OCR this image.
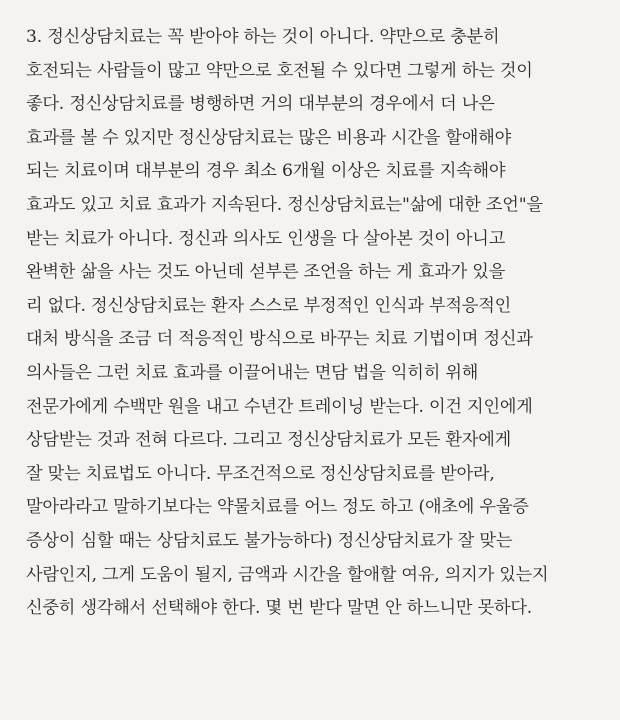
3. 정신상담치료는 꼭 받아야 하는 것이 아니다. 약만으로 충분히
호전되는 사람들이 많고 약만으로 호전될 수 있다면 그렇게 하는 것이
좋다. 정신상담치료를 병행하면 거의 대부분의 경우에서 더 나은
효과를 볼 수 있지만 정신상담치료는 많은 비용과 시간을 할애해야
되는 치료이며 대부분의 경우 최소 6개월 이상은 치료를 지속해야
효과도 있고 치료 효과가 지속된다. 정신상담치료는"삶에 대한 조언"을
받는 치료가 아니다. 정신과 의사도 인생을 다 살아본 것이 아니고
완벽한 삶을 사는 것도 아닌데 섣부른 조언을 하는 게 효과가 있을
리 없다. 정신상담치료는 환자 스스로 부정적인 인식과 부적응적인
대처 방식을 조금 더 적응적인 방식으로 바꾸는 치료 기법이며 정신과
의사들은 그런 치료 효과를 이끌어내는 면담 법을 익히히 위해
전문가에게 수백만 원을 내고 수년간 트레이닝 받는다. 이건 지인에게
상담받는 것과 전혀 다르다. 그리고 정신상담치료가 모든 환자에게
잘 맞는 치료법도 아니다. 무조건적으로 정신상담치료를 받아라,
말아라라고 말하기보다는 약물치료를 어느 정도 하고 (애초에 우울증
증상이 심할 때는 상담치료도 불가능하다) 정신상담치료가 잘 맞는
사람인지, 그게 도움이 될지, 금액과 시간을 할애할 여유, 의지가 있는지
신중히 생각해서 선택해야 한다. 몇 번 받다 말면 안 하느니만 못하다.
